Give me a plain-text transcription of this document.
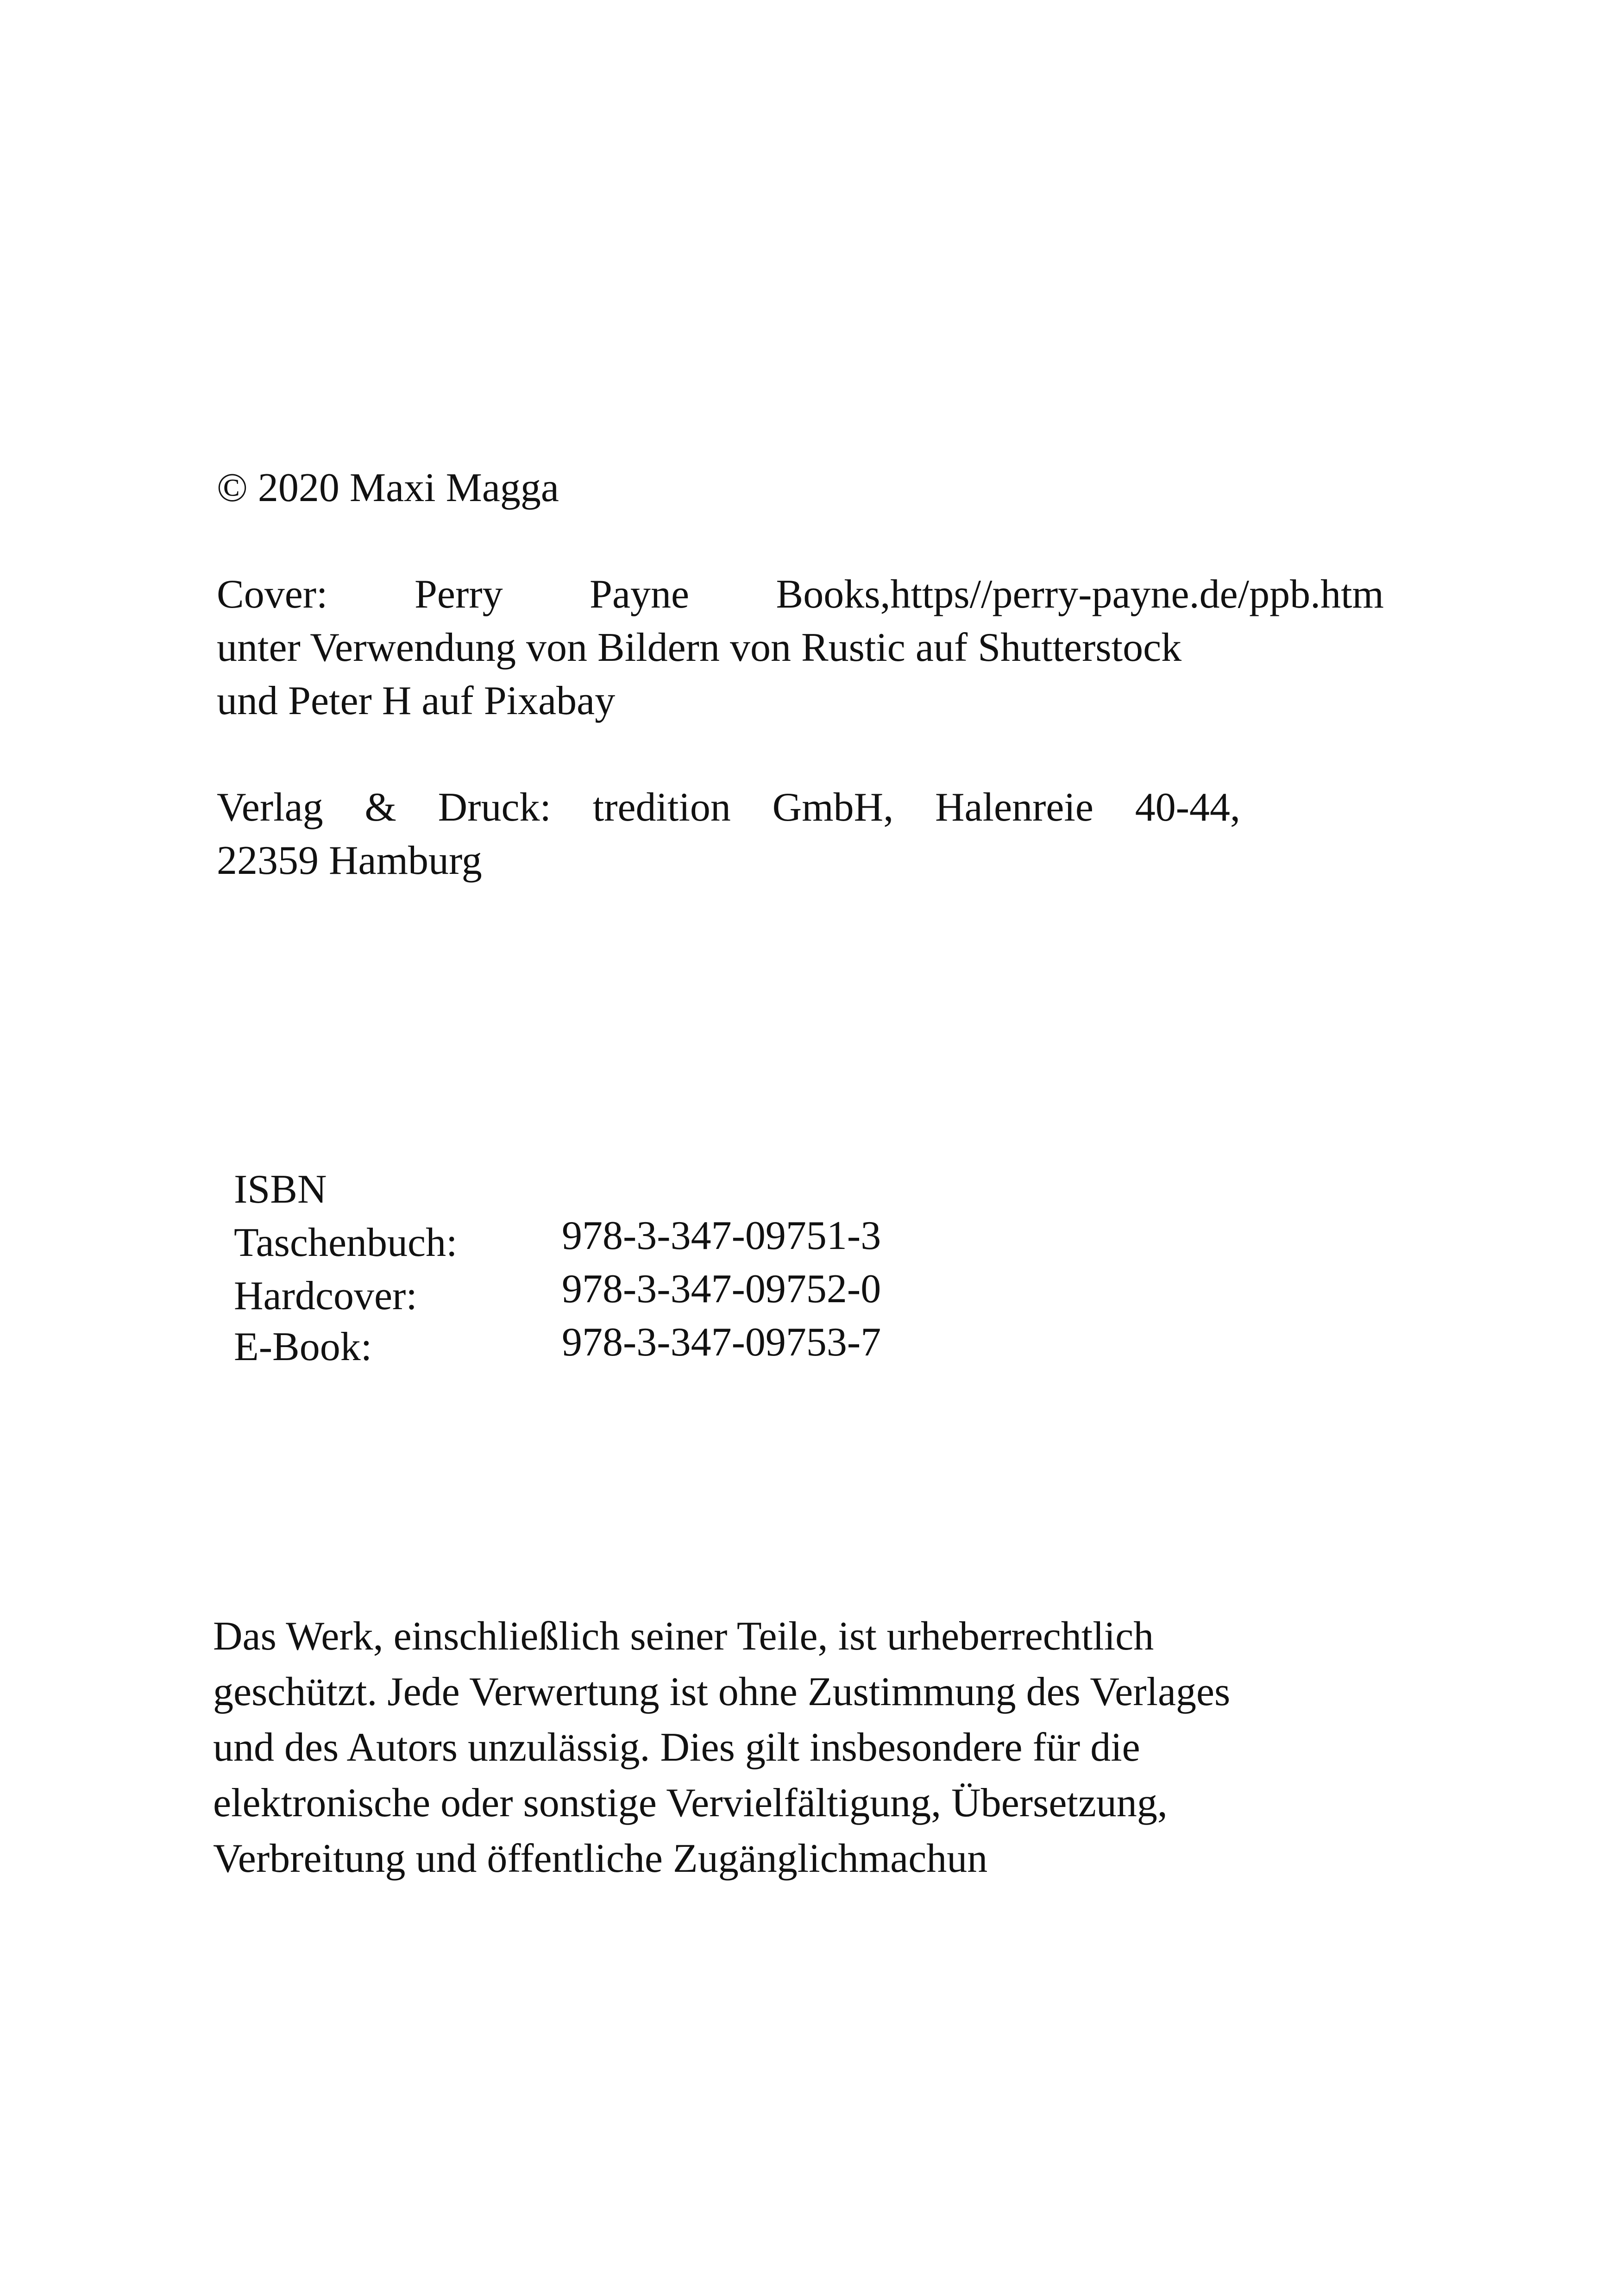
© 2020 Maxi Magga
Cover: Perry Payne Books,https//perry-payne.de/ppb.htm
unter Verwendung von Bildern von Rustic auf Shutterstock
und Peter H auf Pixabay
Verlag & Druck: tredition GmbH, Halenreie 40-44,
22359 Hamburg
ISBN
Taschenbuch:	978-3-347-09751-3
Hardcover:	978-3-347-09752-0
E-Book:	978-3-347-09753-7
Das Werk, einschließlich seiner Teile, ist urheberrechtlich
geschützt. Jede Verwertung ist ohne Zustimmung des Verlages
und des Autors unzulässig. Dies gilt insbesondere für die
elektronische oder sonstige Vervielfältigung, Übersetzung,
Verbreitung und öffentliche Zugänglichmachun
